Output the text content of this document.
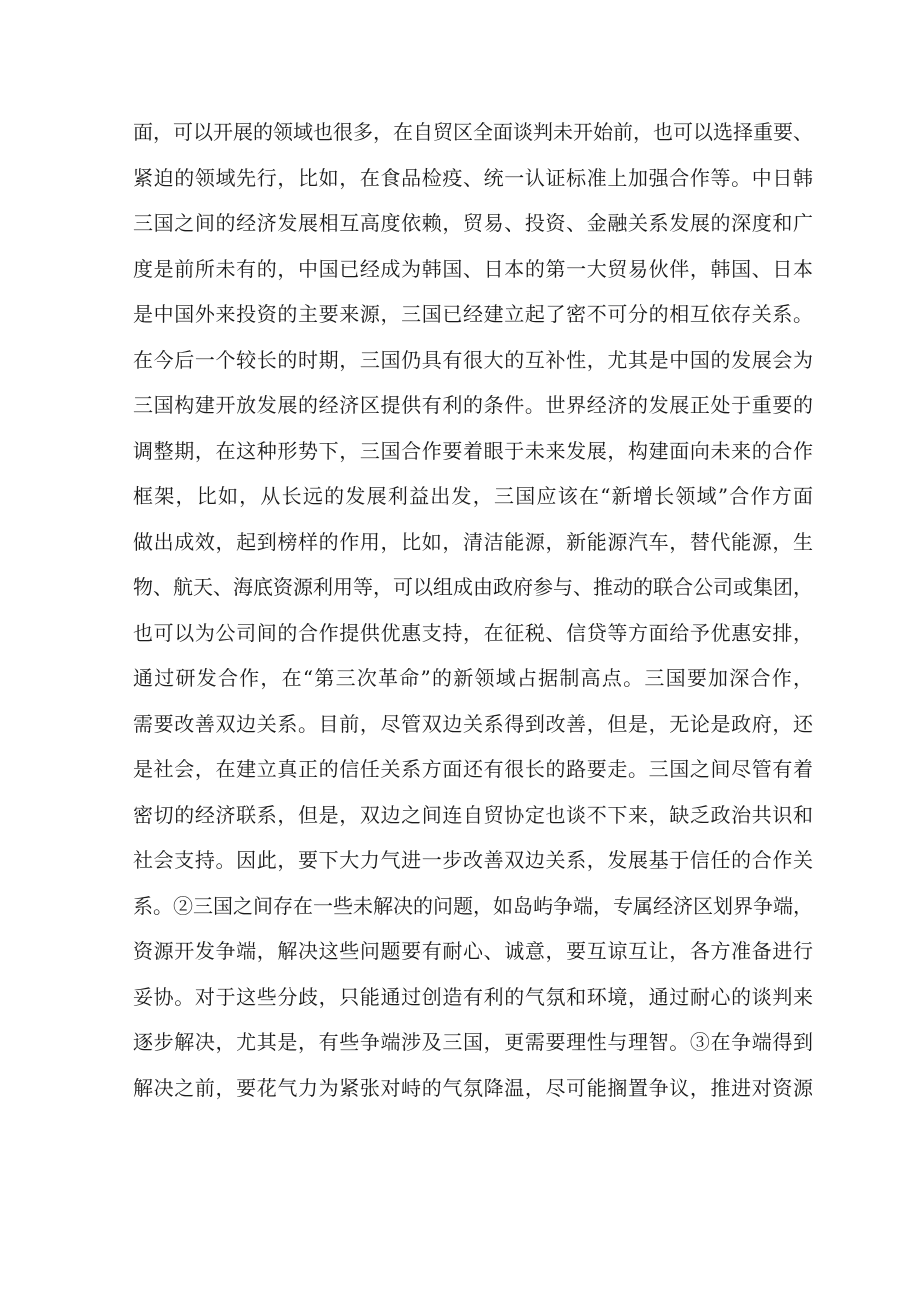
面，可以开展的领域也很多，在自贸区全面谈判未开始前，也可以选择重要、
紧迫的领域先行，比如，在食品检疫、统一认证标准上加强合作等。中日韩
三国之间的经济发展相互高度依赖，贸易、投资、金融关系发展的深度和广
度是前所未有的，中国已经成为韩国、日本的第一大贸易伙伴，韩国、日本
是中国外来投资的主要来源，三国已经建立起了密不可分的相互依存关系。
在今后一个较长的时期，三国仍具有很大的互补性，尤其是中国的发展会为
三国构建开放发展的经济区提供有利的条件。世界经济的发展正处于重要的
调整期，在这种形势下，三国合作要着眼于未来发展，构建面向未来的合作
框架，比如，从长远的发展利益出发，三国应该在“新增长领域”合作方面
做出成效，起到榜样的作用，比如，清洁能源，新能源汽车，替代能源，生
物、航天、海底资源利用等，可以组成由政府参与、推动的联合公司或集团，
也可以为公司间的合作提供优惠支持，在征税、信贷等方面给予优惠安排，
通过研发合作，在“第三次革命”的新领域占据制高点。三国要加深合作，
需要改善双边关系。目前，尽管双边关系得到改善，但是，无论是政府，还
是社会，在建立真正的信任关系方面还有很长的路要走。三国之间尽管有着
密切的经济联系，但是，双边之间连自贸协定也谈不下来，缺乏政治共识和
社会支持。因此，要下大力气进一步改善双边关系，发展基于信任的合作关
系。②三国之间存在一些未解决的问题，如岛屿争端，专属经济区划界争端，
资源开发争端，解决这些问题要有耐心、诚意，要互谅互让，各方准备进行
妥协。对于这些分歧，只能通过创造有利的气氛和环境，通过耐心的谈判来
逐步解决，尤其是，有些争端涉及三国，更需要理性与理智。③在争端得到
解决之前，要花气力为紧张对峙的气氛降温，尽可能搁置争议，推进对资源
